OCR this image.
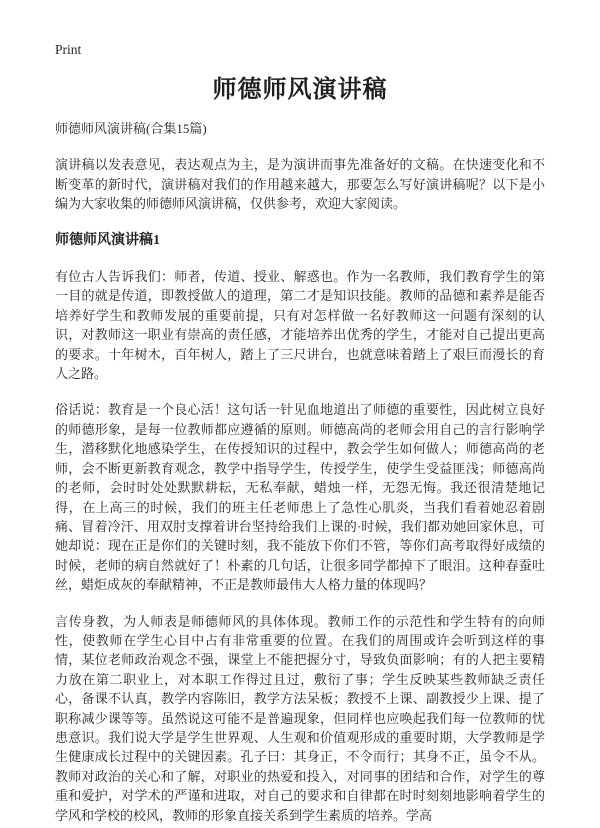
Print
师德师风演讲稿
师德师风演讲稿(合集15篇)

演讲稿以发表意见，表达观点为主，是为演讲而事先准备好的文稿。在快速变化和不断变革的新时代，演讲稿对我们的作用越来越大，那要怎么写好演讲稿呢？以下是小编为大家收集的师德师风演讲稿，仅供参考，欢迎大家阅读。

师德师风演讲稿1

有位古人告诉我们：师者，传道、授业、解惑也。作为一名教师，我们教育学生的第一目的就是传道，即教授做人的道理，第二才是知识技能。教师的品德和素养是能否培养好学生和教师发展的重要前提，只有对怎样做一名好教师这一问题有深刻的认识，对教师这一职业有崇高的责任感，才能培养出优秀的学生，才能对自己提出更高的要求。十年树木，百年树人，踏上了三尺讲台，也就意味着踏上了艰巨而漫长的育人之路。

俗话说：教育是一个良心活！这句话一针见血地道出了师德的重要性，因此树立良好的师德形象，是每一位教师都应遵循的原则。师德高尚的老师会用自己的言行影响学生，潜移默化地感染学生，在传授知识的过程中，教会学生如何做人；师德高尚的老师，会不断更新教育观念，教学中指导学生，传授学生，使学生受益匪浅；师德高尚的老师，会时时处处默默耕耘，无私奉献，蜡烛一样，无怨无悔。我还很清楚地记得，在上高三的时候，我们的班主任老师患上了急性心肌炎，当我们看着她忍着剧痛、冒着冷汗、用双肘支撑着讲台坚持给我们上课的·时候，我们都劝她回家休息，可她却说：现在正是你们的关键时刻，我不能放下你们不管，等你们高考取得好成绩的时候，老师的病自然就好了！朴素的几句话，让很多同学都掉下了眼泪。这种春蚕吐丝，蜡炬成灰的奉献精神，不正是教师最伟大人格力量的体现吗？

言传身教，为人师表是师德师风的具体体现。教师工作的示范性和学生特有的向师性，使教师在学生心目中占有非常重要的位置。在我们的周围或许会听到这样的事情，某位老师政治观念不强，课堂上不能把握分寸，导致负面影响；有的人把主要精力放在第二职业上，对本职工作得过且过，敷衍了事；学生反映某些教师缺乏责任心，备课不认真，教学内容陈旧，教学方法呆板；教授不上课、副教授少上课、提了职称减少课等等。虽然说这可能不是普遍现象，但同样也应唤起我们每一位教师的忧患意识。我们说大学是学生世界观、人生观和价值观形成的重要时期，大学教师是学生健康成长过程中的关键因素。孔子曰：其身正，不令而行；其身不正，虽令不从。教师对政治的关心和了解，对职业的热爱和投入，对同事的团结和合作，对学生的尊重和爱护，对学术的严谨和进取，对自己的要求和自律都在时时刻刻地影响着学生的学风和学校的校风，教师的形象直接关系到学生素质的培养。学高
